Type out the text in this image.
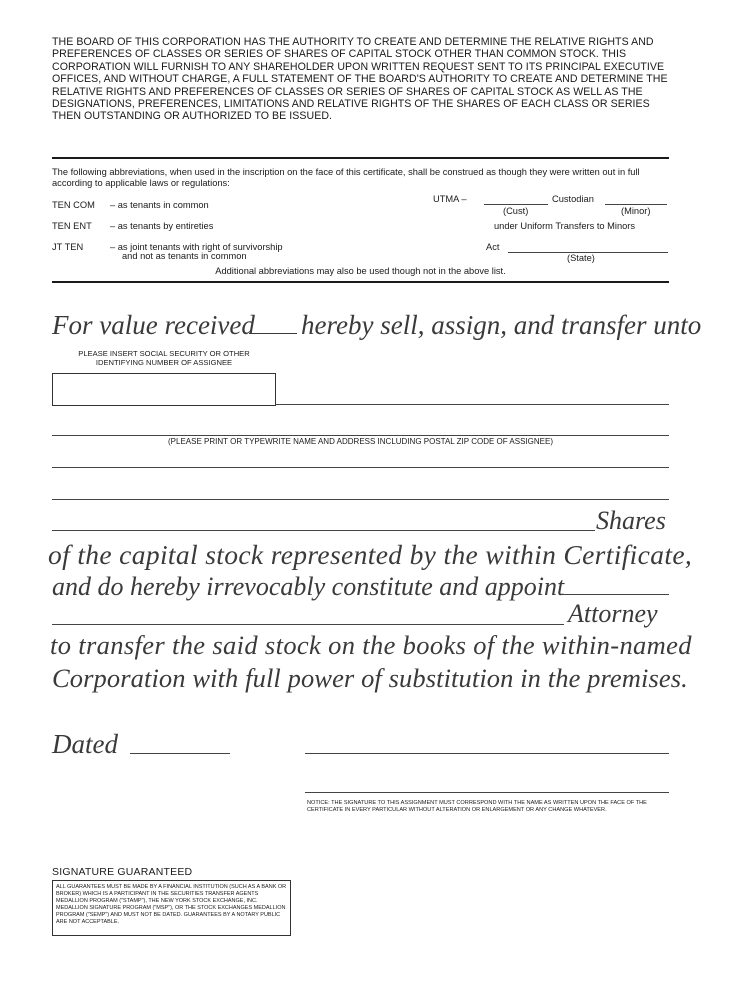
THE BOARD OF THIS CORPORATION HAS THE AUTHORITY TO CREATE AND DETERMINE THE RELATIVE RIGHTS AND PREFERENCES OF CLASSES OR SERIES OF SHARES OF CAPITAL STOCK OTHER THAN COMMON STOCK. THIS CORPORATION WILL FURNISH TO ANY SHAREHOLDER UPON WRITTEN REQUEST SENT TO ITS PRINCIPAL EXECUTIVE OFFICES, AND WITHOUT CHARGE, A FULL STATEMENT OF THE BOARD'S AUTHORITY TO CREATE AND DETERMINE THE RELATIVE RIGHTS AND PREFERENCES OF CLASSES OR SERIES OF SHARES OF CAPITAL STOCK AS WELL AS THE DESIGNATIONS, PREFERENCES, LIMITATIONS AND RELATIVE RIGHTS OF THE SHARES OF EACH CLASS OR SERIES THEN OUTSTANDING OR AUTHORIZED TO BE ISSUED.
The following abbreviations, when used in the inscription on the face of this certificate, shall be construed as though they were written out in full according to applicable laws or regulations:
TEN COM – as tenants in common
TEN ENT – as tenants by entireties
JT TEN	– as joint tenants with right of survivorship
and not as tenants in common
UTMA –	Custodian
(Cust)	(Minor)
under Uniform Transfers to Minors
Act
(State)
Additional abbreviations may also be used though not in the above list.
For value received hereby sell, assign, and transfer unto
PLEASE INSERT SOCIAL SECURITY OR OTHER IDENTIFYING NUMBER OF ASSIGNEE
(PLEASE PRINT OR TYPEWRITE NAME AND ADDRESS INCLUDING POSTAL ZIP CODE OF ASSIGNEE)
Shares
of the capital stock represented by the within Certificate,
and do hereby irrevocably constitute and appoint
Attorney
to transfer the said stock on the books of the within-named
Corporation with full power of substitution in the premises.
Dated
NOTICE: THE SIGNATURE TO THIS ASSIGNMENT MUST CORRESPOND WITH THE NAME AS WRITTEN UPON THE FACE OF THE CERTIFICATE IN EVERY PARTICULAR WITHOUT ALTERATION OR ENLARGEMENT OR ANY CHANGE WHATEVER.
SIGNATURE GUARANTEED
ALL GUARANTEES MUST BE MADE BY A FINANCIAL INSTITUTION (SUCH AS A BANK OR BROKER) WHICH IS A PARTICIPANT IN THE SECURITIES TRANSFER AGENTS MEDALLION PROGRAM ("STAMP"), THE NEW YORK STOCK EXCHANGE, INC. MEDALLION SIGNATURE PROGRAM ("MSP"), OR THE STOCK EXCHANGES MEDALLION PROGRAM ("SEMP") AND MUST NOT BE DATED. GUARANTEES BY A NOTARY PUBLIC ARE NOT ACCEPTABLE.
